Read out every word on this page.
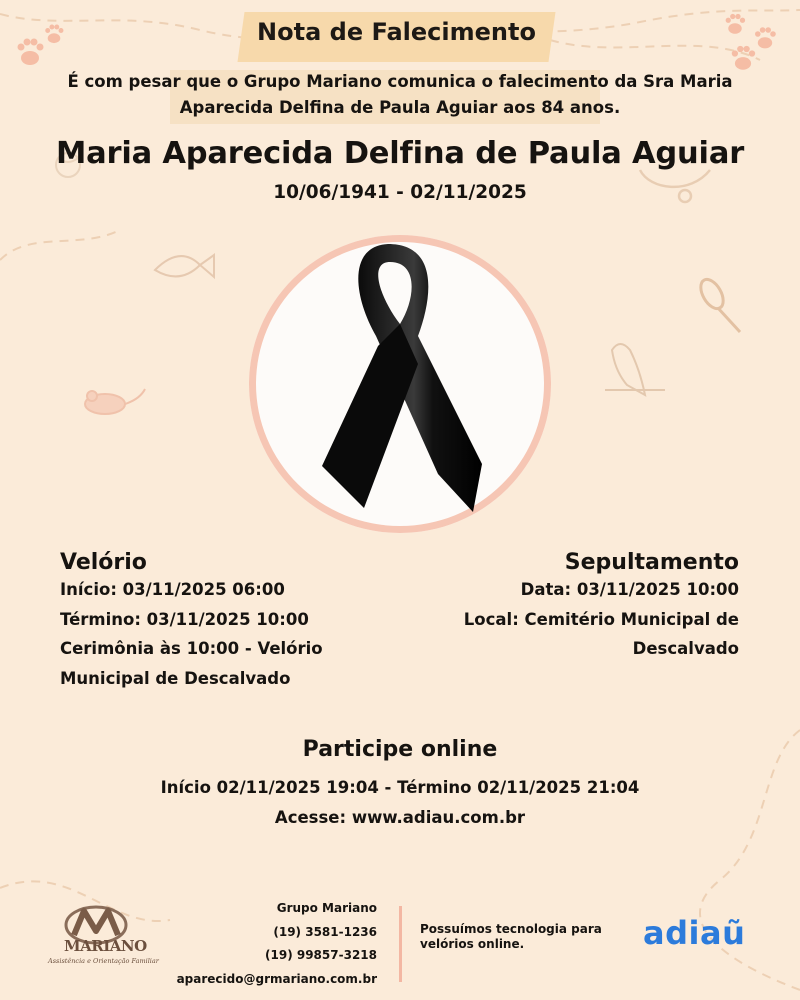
Nota de Falecimento
É com pesar que o Grupo Mariano comunica o falecimento da Sra Maria Aparecida Delfina de Paula Aguiar aos 84 anos.
Maria Aparecida Delfina de Paula Aguiar
10/06/1941 - 02/11/2025
Velório
Início: 03/11/2025 06:00
Término: 03/11/2025 10:00
Cerimônia às 10:00 - Velório
Municipal de Descalvado
Sepultamento
Data: 03/11/2025 10:00
Local: Cemitério Municipal de
Descalvado
Participe online
Início 02/11/2025 19:04 - Término 02/11/2025 21:04
Acesse: www.adiau.com.br
MARIANO
Assistência e Orientação Familiar
Grupo Mariano
(19) 3581-1236
(19) 99857-3218
aparecido@grmariano.com.br
Possuímos tecnologia para velórios online.	adiaũ
